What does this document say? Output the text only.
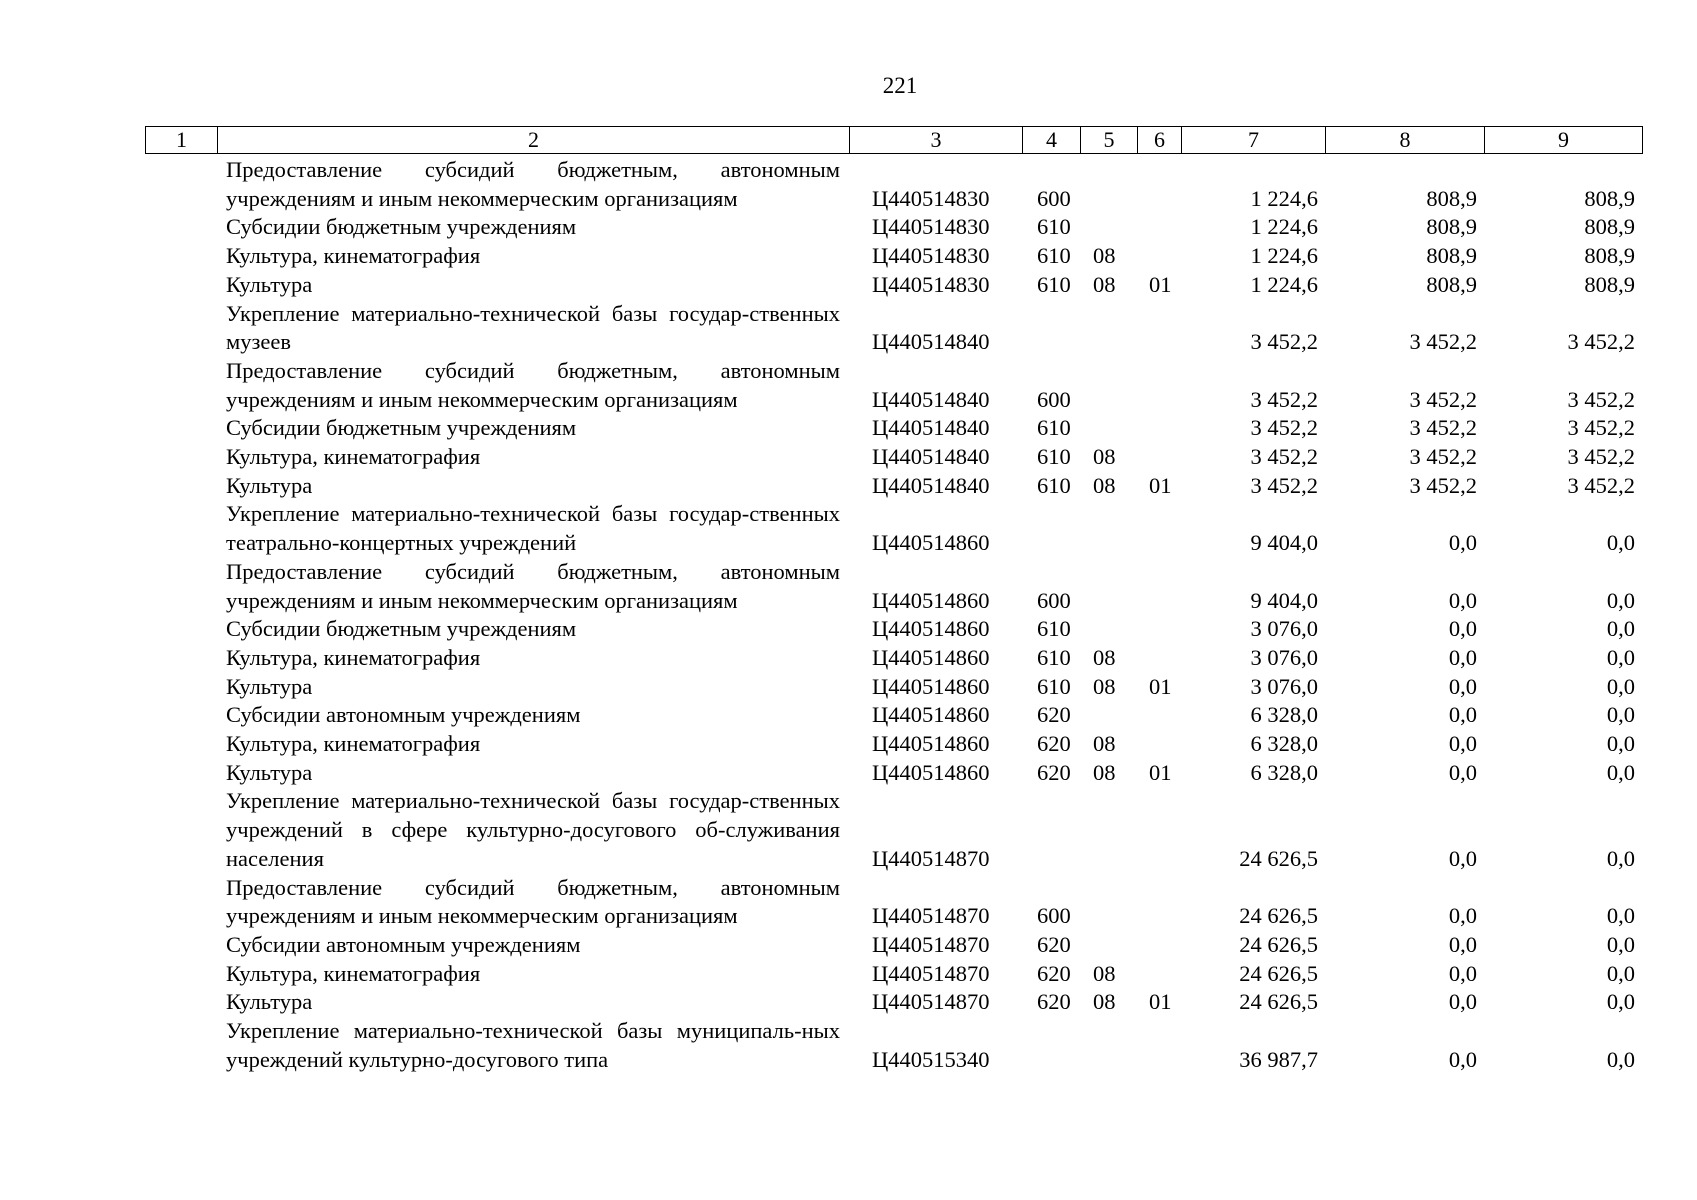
221
1	2	3	4	5	6	7	8	9
	Предоставление субсидий бюджетным, автономным учреждениям и иным некоммерческим организациям	Ц440514830	600			1 224,6	808,9	808,9
	Субсидии бюджетным учреждениям	Ц440514830	610			1 224,6	808,9	808,9
	Культура, кинематография	Ц440514830	610	08		1 224,6	808,9	808,9
	Культура	Ц440514830	610	08	01	1 224,6	808,9	808,9
	Укрепление материально-технической базы государ-ственных музеев	Ц440514840				3 452,2	3 452,2	3 452,2
	Предоставление субсидий бюджетным, автономным учреждениям и иным некоммерческим организациям	Ц440514840	600			3 452,2	3 452,2	3 452,2
	Субсидии бюджетным учреждениям	Ц440514840	610			3 452,2	3 452,2	3 452,2
	Культура, кинематография	Ц440514840	610	08		3 452,2	3 452,2	3 452,2
	Культура	Ц440514840	610	08	01	3 452,2	3 452,2	3 452,2
	Укрепление материально-технической базы государ-ственных театрально-концертных учреждений	Ц440514860				9 404,0	0,0	0,0
	Предоставление субсидий бюджетным, автономным учреждениям и иным некоммерческим организациям	Ц440514860	600			9 404,0	0,0	0,0
	Субсидии бюджетным учреждениям	Ц440514860	610			3 076,0	0,0	0,0
	Культура, кинематография	Ц440514860	610	08		3 076,0	0,0	0,0
	Культура	Ц440514860	610	08	01	3 076,0	0,0	0,0
	Субсидии автономным учреждениям	Ц440514860	620			6 328,0	0,0	0,0
	Культура, кинематография	Ц440514860	620	08		6 328,0	0,0	0,0
	Культура	Ц440514860	620	08	01	6 328,0	0,0	0,0
	Укрепление материально-технической базы государ-ственных учреждений в сфере культурно-досугового об-служивания населения	Ц440514870				24 626,5	0,0	0,0
	Предоставление субсидий бюджетным, автономным учреждениям и иным некоммерческим организациям	Ц440514870	600			24 626,5	0,0	0,0
	Субсидии автономным учреждениям	Ц440514870	620			24 626,5	0,0	0,0
	Культура, кинематография	Ц440514870	620	08		24 626,5	0,0	0,0
	Культура	Ц440514870	620	08	01	24 626,5	0,0	0,0
	Укрепление материально-технической базы муниципаль-ных учреждений культурно-досугового типа	Ц440515340				36 987,7	0,0	0,0
